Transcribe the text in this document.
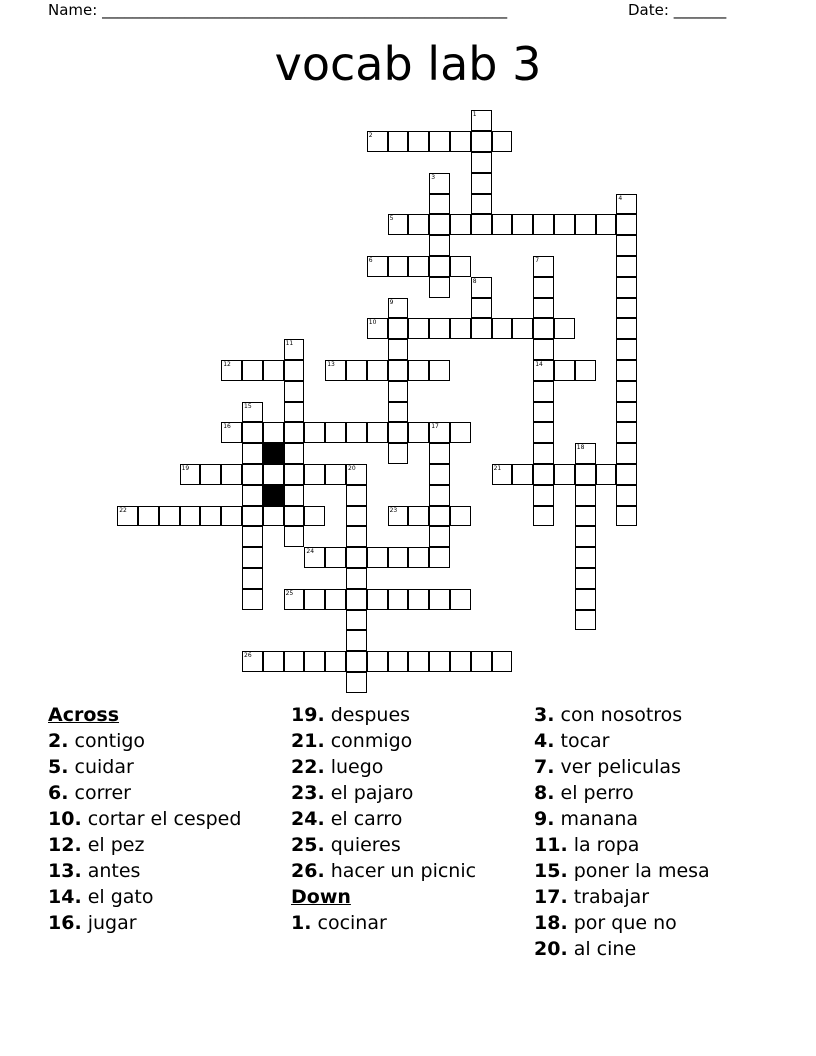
Name: ______________________________________________________	Date: _______
vocab lab 3
1
2
3
4
5
6	7
14
8
9
10
11
12	13
15
16	17
18
19	20	21
22	23
24
25
26
Across
2. contigo
5. cuidar
6. correr
10. cortar el cesped
12. el pez
13. antes
14. el gato
16. jugar
19. despues
21. conmigo
22. luego
23. el pajaro
24. el carro
25. quieres
26. hacer un picnic
Down
1. cocinar
3. con nosotros
4. tocar
7. ver peliculas
8. el perro
9. manana
11. la ropa
15. poner la mesa
17. trabajar
18. por que no
20. al cine
